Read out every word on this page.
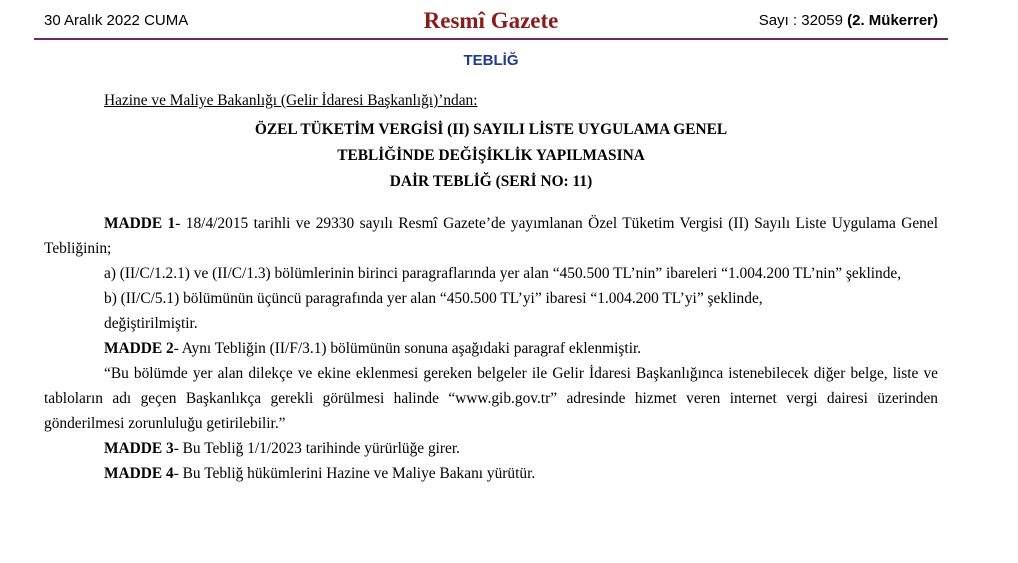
30 Aralık 2022 CUMA	Resmî Gazete	Sayı : 32059 (2. Mükerrer)
TEBLİĞ

Hazine ve Maliye Bakanlığı (Gelir İdaresi Başkanlığı)’ndan:

ÖZEL TÜKETİM VERGİSİ (II) SAYILI LİSTE UYGULAMA GENEL
TEBLİĞİNDE DEĞİŞİKLİK YAPILMASINA
DAİR TEBLİĞ (SERİ NO: 11)

MADDE 1- 18/4/2015 tarihli ve 29330 sayılı Resmî Gazete’de yayımlanan Özel Tüketim Vergisi (II) Sayılı Liste Uygulama Genel Tebliğinin;

a) (II/C/1.2.1) ve (II/C/1.3) bölümlerinin birinci paragraflarında yer alan “450.500 TL’nin” ibareleri “1.004.200 TL’nin” şeklinde,

b) (II/C/5.1) bölümünün üçüncü paragrafında yer alan “450.500 TL’yi” ibaresi “1.004.200 TL’yi” şeklinde,

değiştirilmiştir.

MADDE 2- Aynı Tebliğin (II/F/3.1) bölümünün sonuna aşağıdaki paragraf eklenmiştir.

“Bu bölümde yer alan dilekçe ve ekine eklenmesi gereken belgeler ile Gelir İdaresi Başkanlığınca istenebilecek diğer belge, liste ve tabloların adı geçen Başkanlıkça gerekli görülmesi halinde “www.gib.gov.tr” adresinde hizmet veren internet vergi dairesi üzerinden gönderilmesi zorunluluğu getirilebilir.”

MADDE 3- Bu Tebliğ 1/1/2023 tarihinde yürürlüğe girer.

MADDE 4- Bu Tebliğ hükümlerini Hazine ve Maliye Bakanı yürütür.
